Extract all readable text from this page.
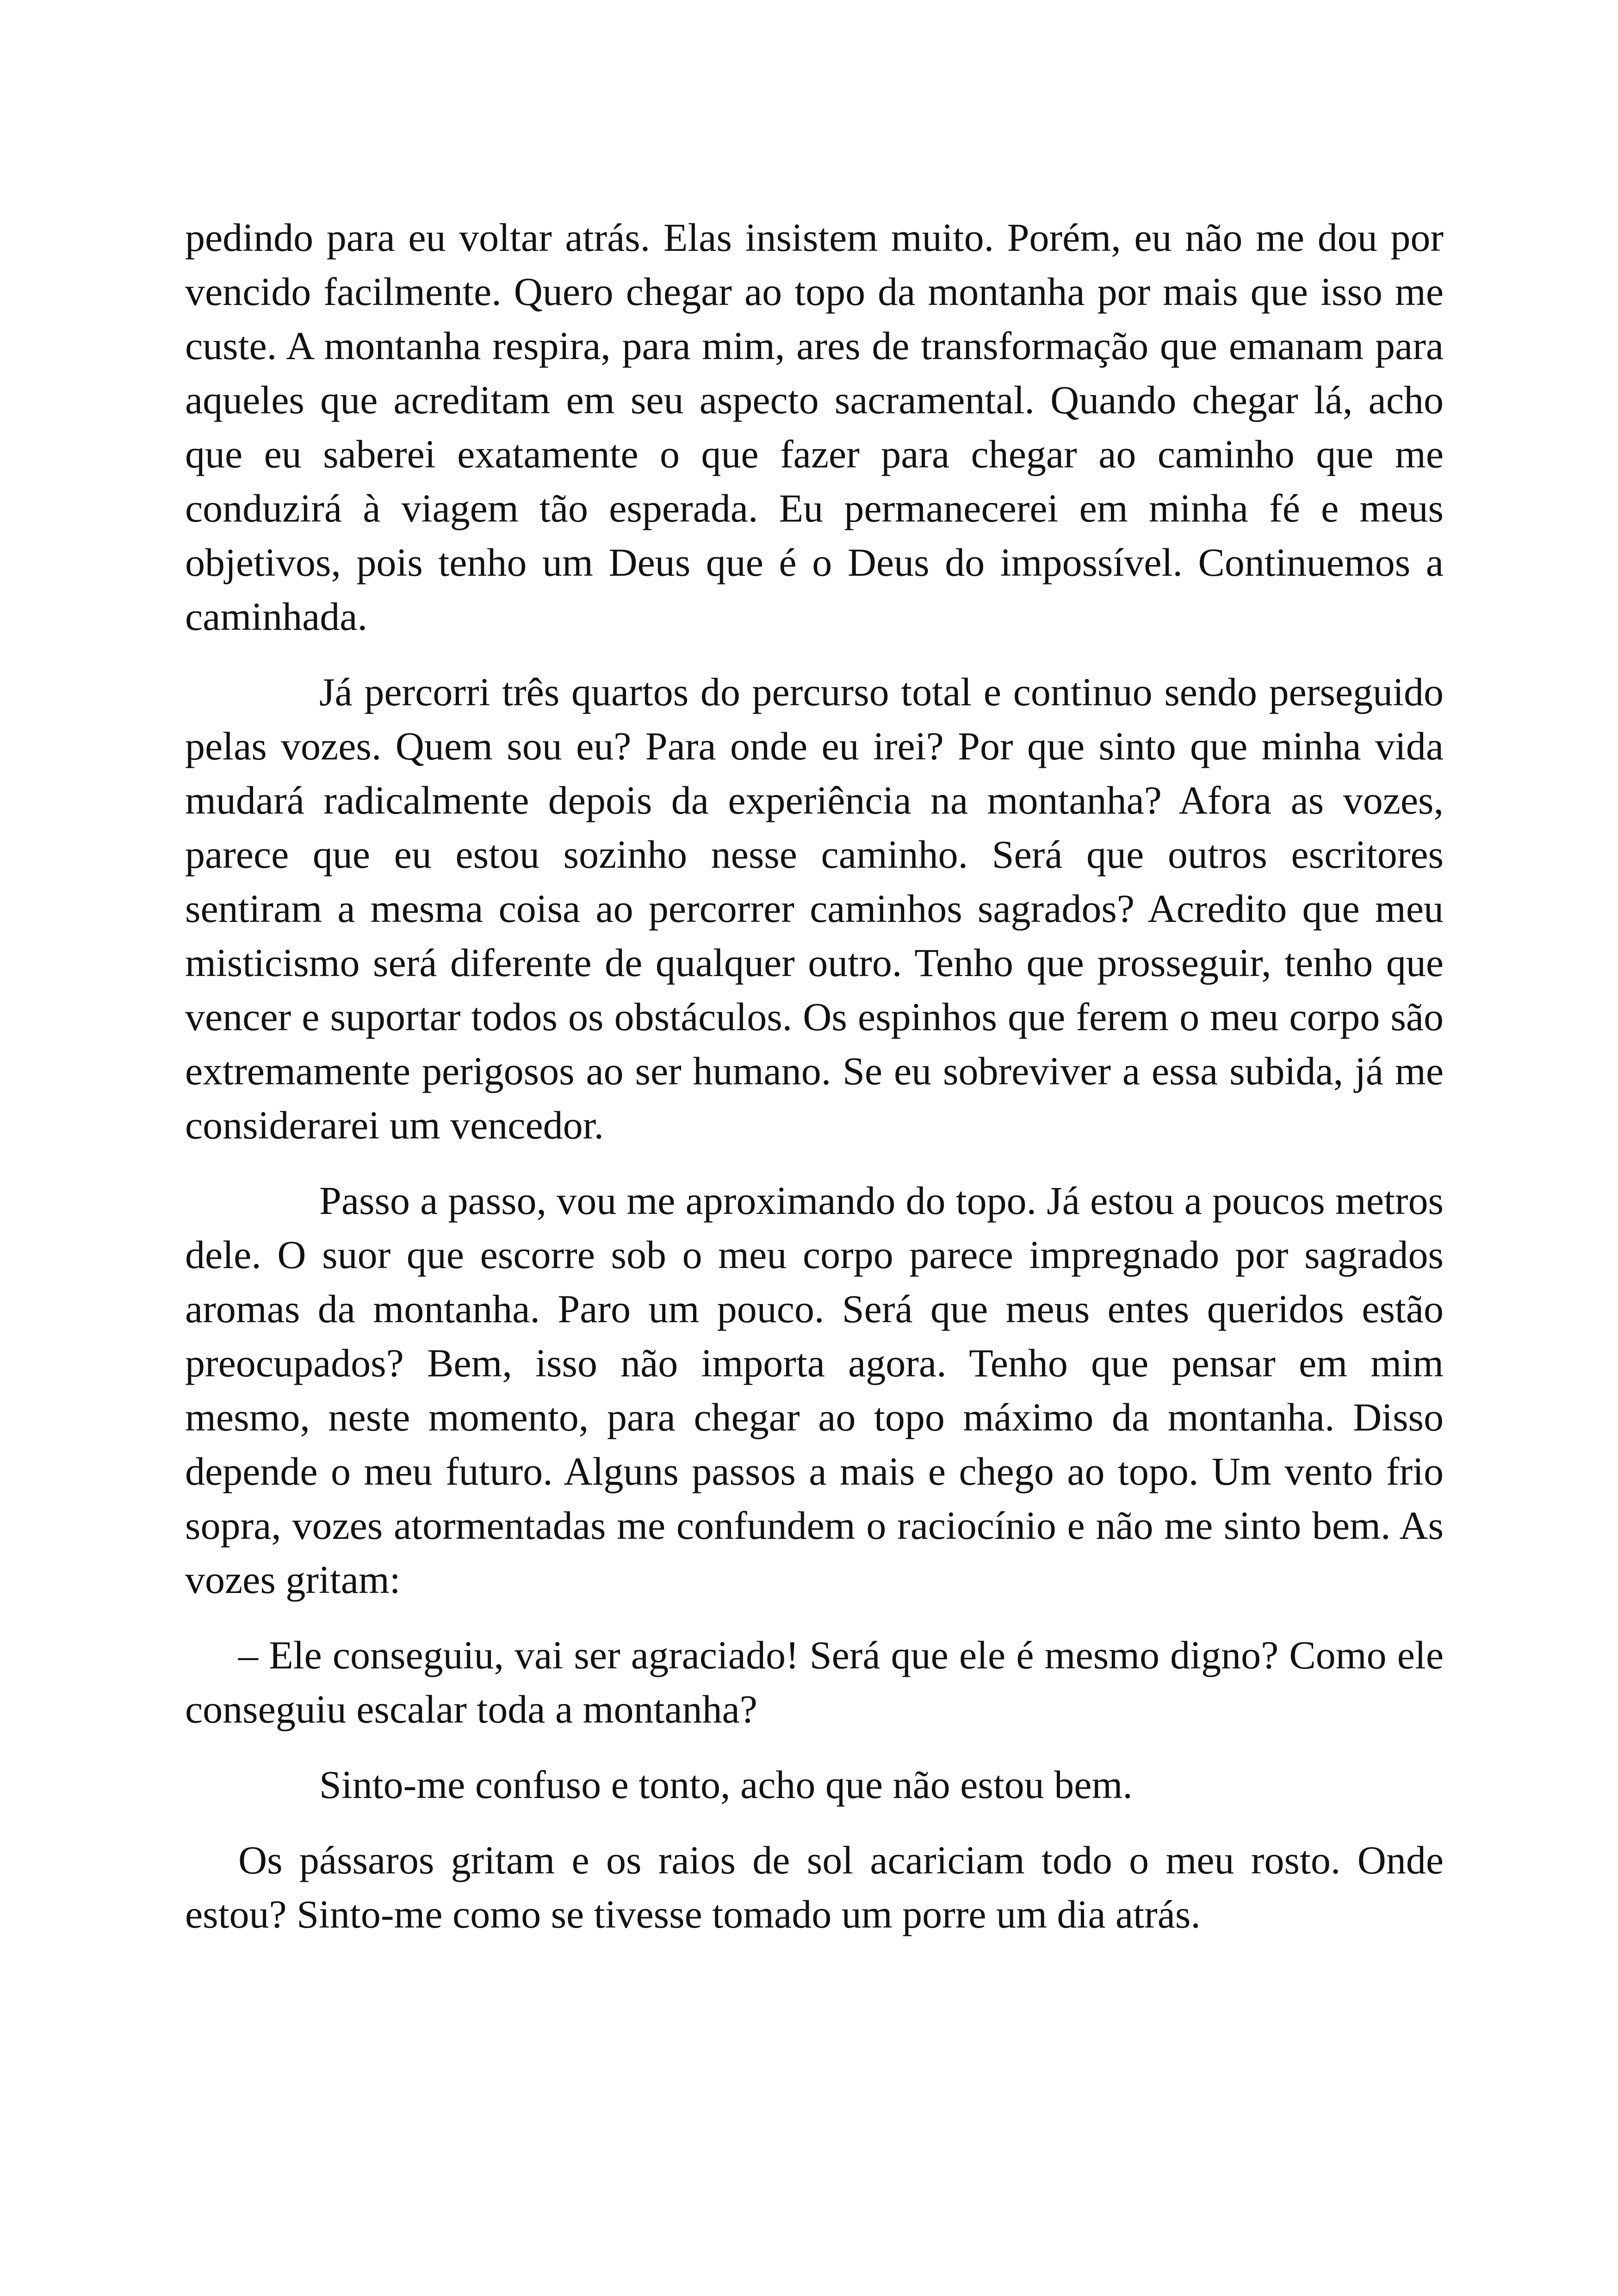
pedindo para eu voltar atrás. Elas insistem muito. Porém, eu não me dou por vencido facilmente. Quero chegar ao topo da montanha por mais que isso me custe. A montanha respira, para mim, ares de transformação que emanam para aqueles que acreditam em seu aspecto sacramental. Quando chegar lá, acho que eu saberei exatamente o que fazer para chegar ao caminho que me conduzirá à viagem tão esperada. Eu permanecerei em minha fé e meus objetivos, pois tenho um Deus que é o Deus do impossível. Continuemos a caminhada.

Já percorri três quartos do percurso total e continuo sendo perseguido pelas vozes. Quem sou eu? Para onde eu irei? Por que sinto que minha vida mudará radicalmente depois da experiência na montanha? Afora as vozes, parece que eu estou sozinho nesse caminho. Será que outros escritores sentiram a mesma coisa ao percorrer caminhos sagrados? Acredito que meu misticismo será diferente de qualquer outro. Tenho que prosseguir, tenho que vencer e suportar todos os obstáculos. Os espinhos que ferem o meu corpo são extremamente perigosos ao ser humano. Se eu sobreviver a essa subida, já me considerarei um vencedor.

Passo a passo, vou me aproximando do topo. Já estou a poucos metros dele. O suor que escorre sob o meu corpo parece impregnado por sagrados aromas da montanha. Paro um pouco. Será que meus entes queridos estão preocupados? Bem, isso não importa agora. Tenho que pensar em mim mesmo, neste momento, para chegar ao topo máximo da montanha. Disso depende o meu futuro. Alguns passos a mais e chego ao topo. Um vento frio sopra, vozes atormentadas me confundem o raciocínio e não me sinto bem. As vozes gritam:

– Ele conseguiu, vai ser agraciado! Será que ele é mesmo digno? Como ele conseguiu escalar toda a montanha?

Sinto-me confuso e tonto, acho que não estou bem.

Os pássaros gritam e os raios de sol acariciam todo o meu rosto. Onde estou? Sinto-me como se tivesse tomado um porre um dia atrás.
